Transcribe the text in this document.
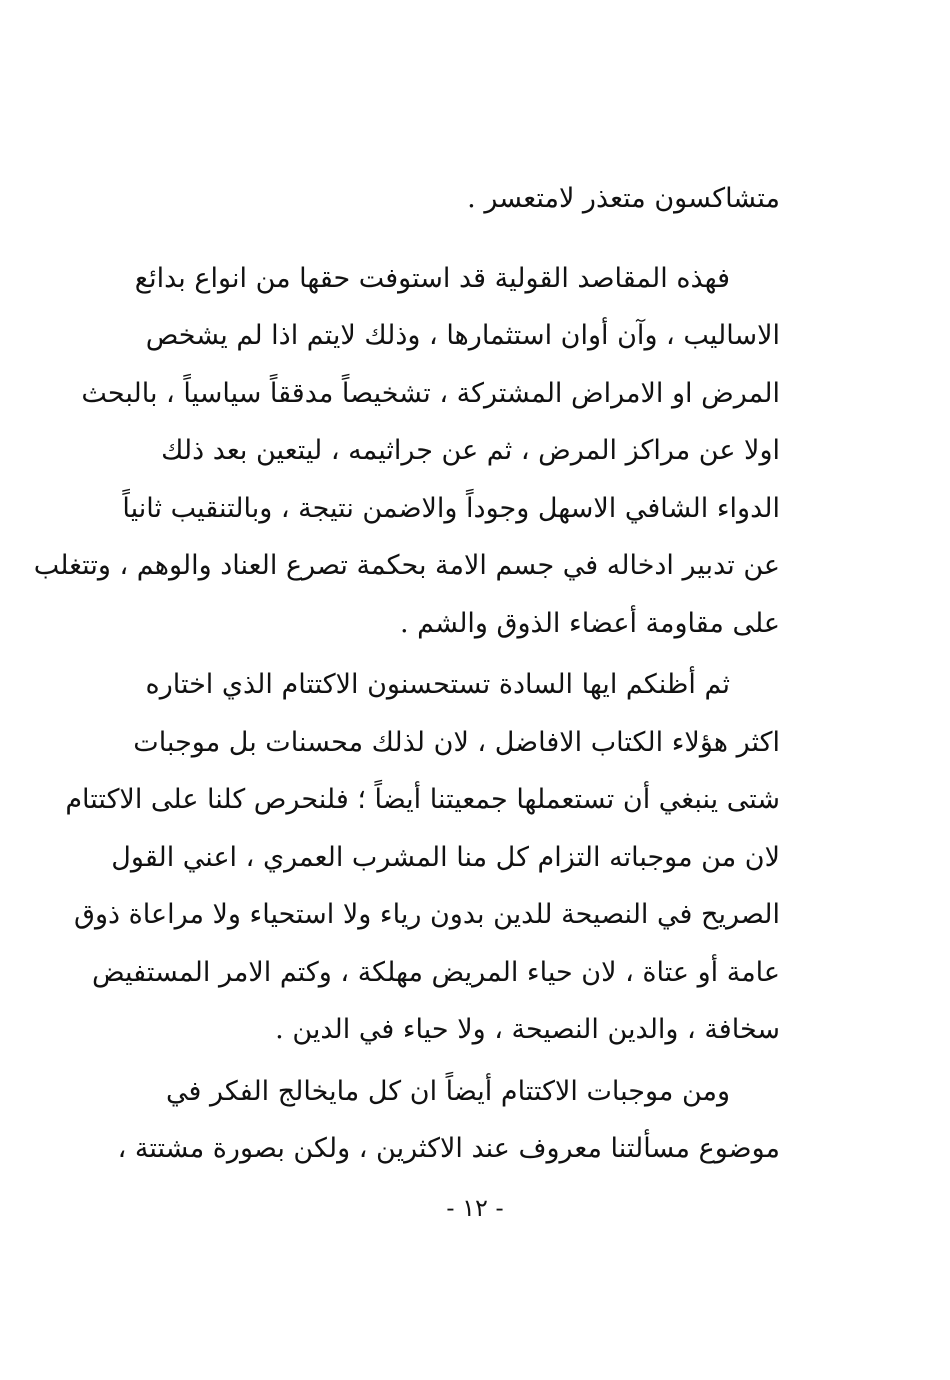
متشاكسون متعذر لامتعسر .
فهذه المقاصد القولية قد استوفت حقها من انواع بدائع
الاساليب ، وآن أوان استثمارها ، وذلك لايتم اذا لم يشخص
المرض او الامراض المشتركة ، تشخيصاً مدققاً سياسياً ، بالبحث
اولا عن مراكز المرض ، ثم عن جراثيمه ، ليتعين بعد ذلك
الدواء الشافي الاسهل وجوداً والاضمن نتيجة ، وبالتنقيب ثانياً
عن تدبير ادخاله في جسم الامة بحكمة تصرع العناد والوهم ، وتتغلب
على مقاومة أعضاء الذوق والشم .
ثم أظنكم ايها السادة تستحسنون الاكتتام الذي اختاره
اكثر هؤلاء الكتاب الافاضل ، لان لذلك محسنات بل موجبات
شتى ينبغي أن تستعملها جمعيتنا أيضاً ؛ فلنحرص كلنا على الاكتتام
لان من موجباته التزام كل منا المشرب العمري ، اعني القول
الصريح في النصيحة للدين بدون رياء ولا استحياء ولا مراعاة ذوق
عامة أو عتاة ، لان حياء المريض مهلكة ، وكتم الامر المستفيض
سخافة ، والدين النصيحة ، ولا حياء في الدين .
ومن موجبات الاكتتام أيضاً ان كل مايخالج الفكر في
موضوع مسألتنا معروف عند الاكثرين ، ولكن بصورة مشتتة ،
- ١٢ -
